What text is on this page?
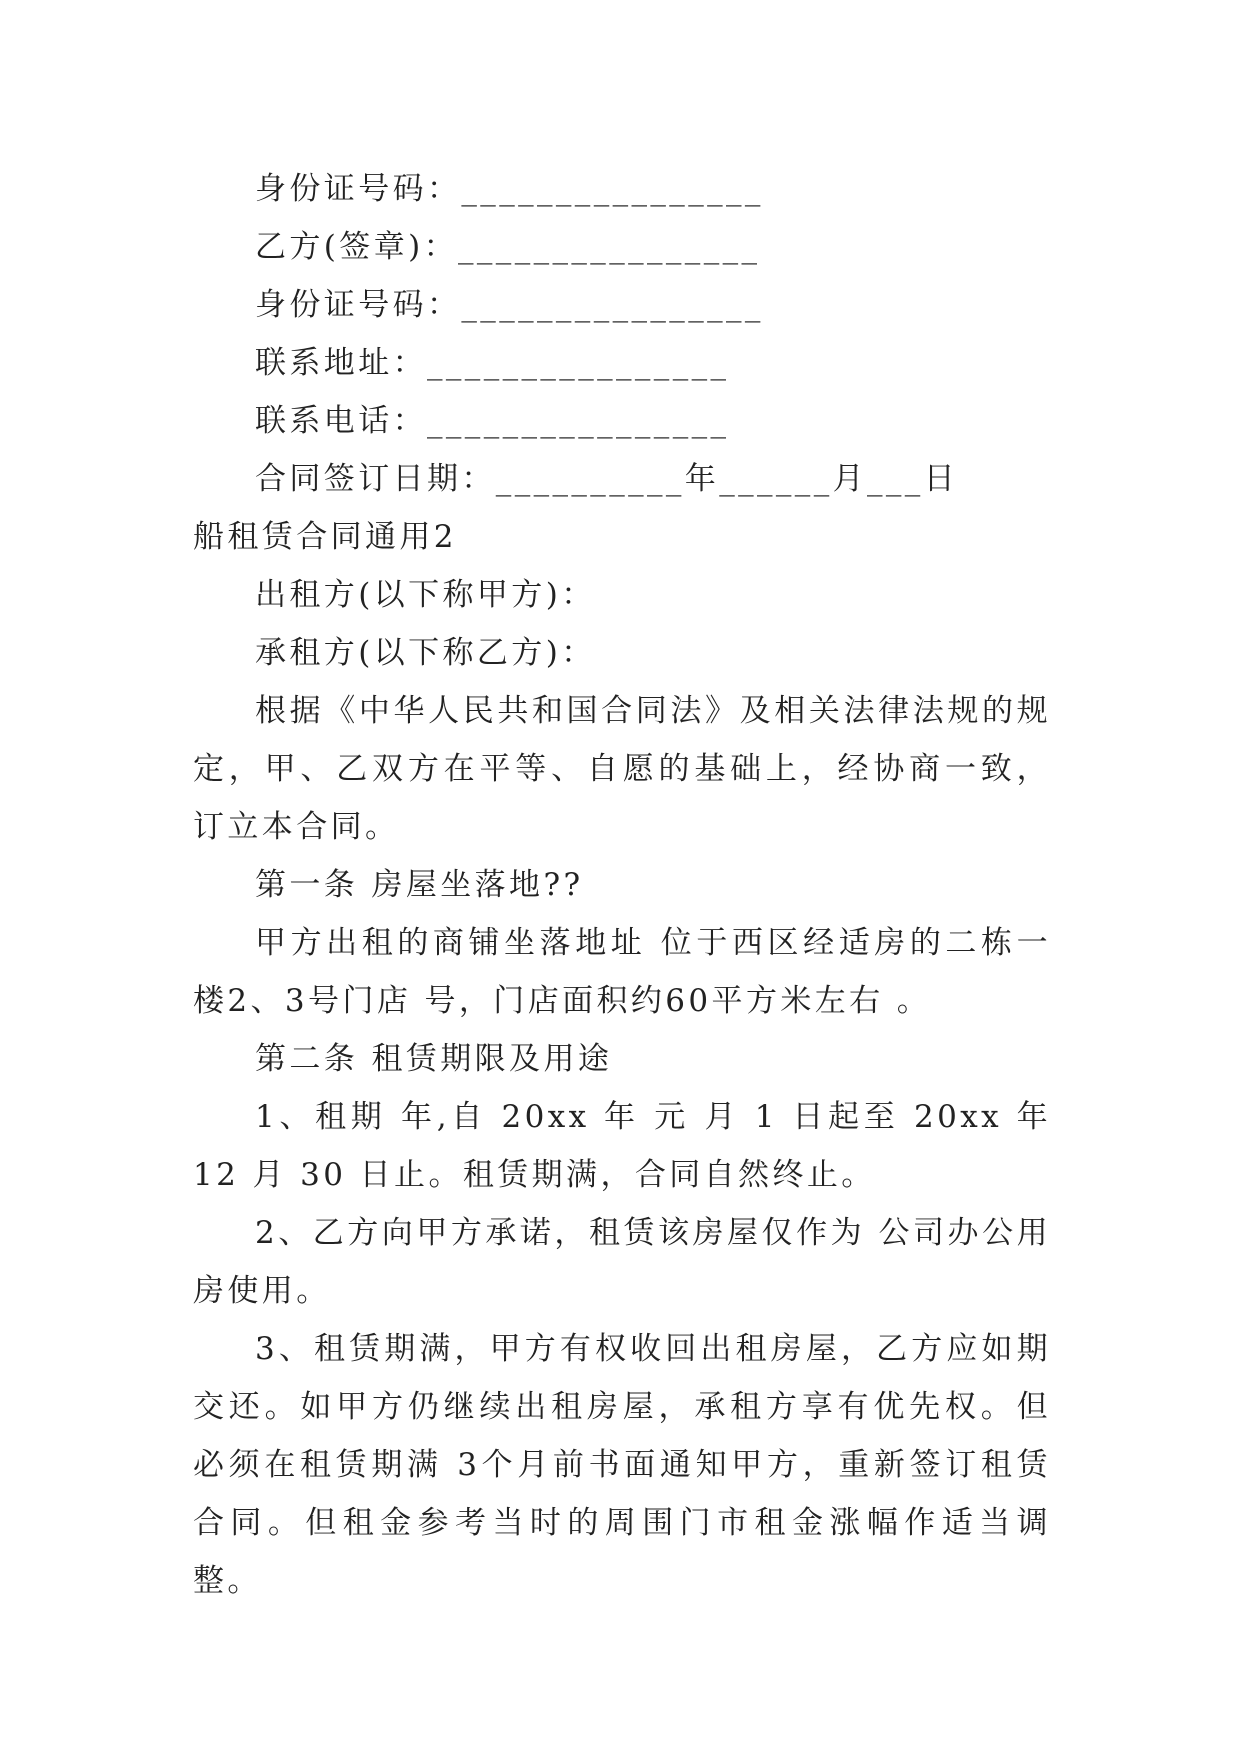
身份证号码：________________

乙方(签章)：________________

身份证号码：________________

联系地址：________________

联系电话：________________

合同签订日期：__________年______月___日

船租赁合同通用2

出租方(以下称甲方)：

承租方(以下称乙方)：

根据《中华人民共和国合同法》及相关法律法规的规定，甲、乙双方在平等、自愿的基础上，经协商一致，订立本合同。

第一条 房屋坐落地??

甲方出租的商铺坐落地址 位于西区经适房的二栋一楼2、3号门店 号，门店面积约60平方米左右 。

第二条 租赁期限及用途

1、租期 年,自 20xx 年 元 月 1 日起至 20xx 年 12 月 30 日止。租赁期满，合同自然终止。

2、乙方向甲方承诺，租赁该房屋仅作为 公司办公用房使用。

3、租赁期满，甲方有权收回出租房屋，乙方应如期交还。如甲方仍继续出租房屋，承租方享有优先权。但必须在租赁期满 3个月前书面通知甲方，重新签订租赁合同。但租金参考当时的周围门市租金涨幅作适当调整。
